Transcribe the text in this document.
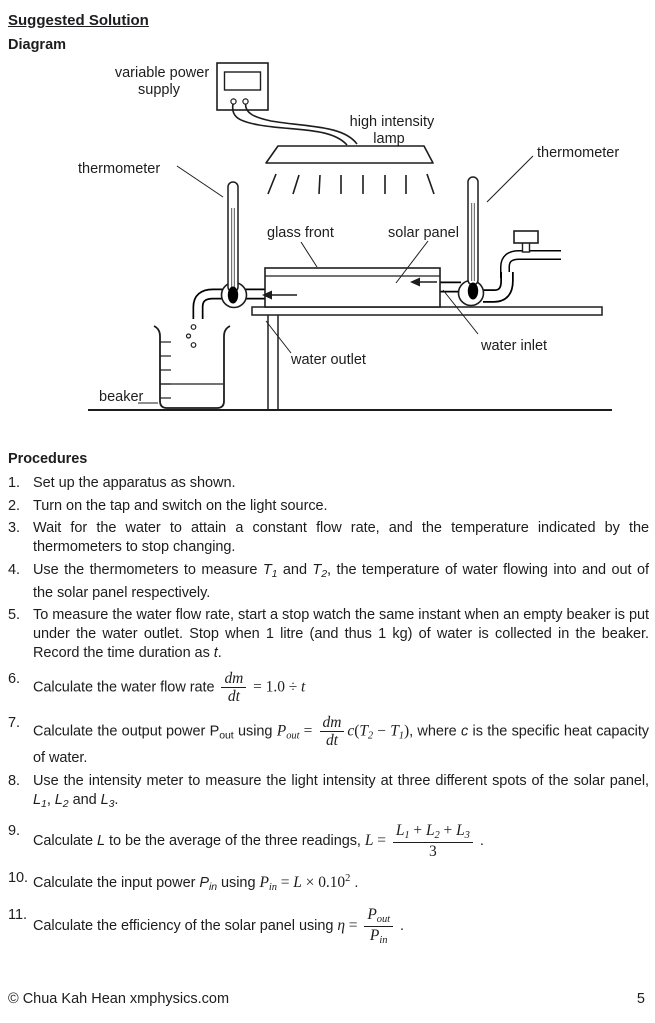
Suggested Solution
Diagram
variable power
supply
high intensity
lamp
thermometer
thermometer
glass front	solar panel
water outlet
water inlet
beaker
Procedures
1. Set up the apparatus as shown.
2. Turn on the tap and switch on the light source.
3. Wait for the water to attain a constant flow rate, and the temperature indicated by the thermometers to stop changing.
4. Use the thermometers to measure $T_1$ and $T_2$, the temperature of water flowing into and out of the solar panel respectively.
5. To measure the water flow rate, start a stop watch the same instant when an empty beaker is put under the water outlet. Stop when 1 litre (and thus 1 kg) of water is collected in the beaker. Record the time duration as t.
6.
Calculate the water flow rate $\frac{dm}{dt} = 1.0 \div t$
7.
Calculate the output power $P_{out}$ using $P_{out} = \frac{dm}{dt} c(T_2 - T_1)$, where c is the specific heat capacity of water.
8. Use the intensity meter to measure the light intensity at three different spots of the solar panel, $L_1$, $L_2$ and $L_3$.
9.
Calculate L to be the average of the three readings, $L = \frac{L_1 + L_2 + L_3}{3}$ .
10. Calculate the input power $P_{in}$ using $P_{in} = L \times 0.10^2$ .
11.
Calculate the efficiency of the solar panel using $\eta = \frac{P_{out}}{P_{in}}$ .
© Chua Kah Hean xmphysics.com	5
